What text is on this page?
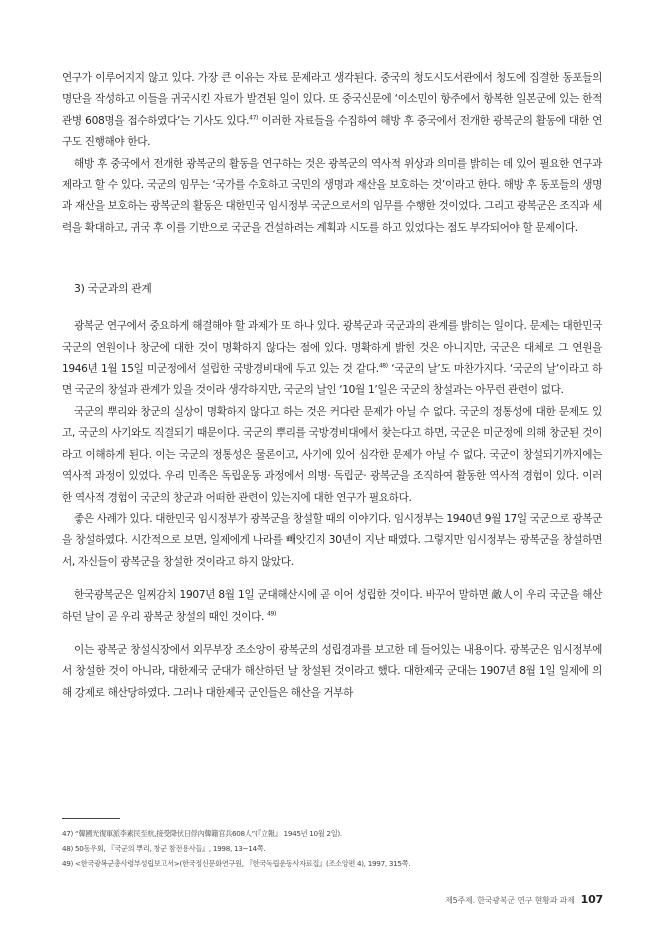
연구가 이루어지지 않고 있다. 가장 큰 이유는 자료 문제라고 생각된다. 중국의 청도시도서관에서 청도에 집결한 동포들의 명단을 작성하고 이들을 귀국시킨 자료가 발견된 일이 있다. 또 중국신문에 ‘이소민이 항주에서 항복한 일본군에 있는 한적관병 608명을 접수하였다’는 기사도 있다.$^{47)}$ 이러한 자료들을 수집하여 해방 후 중국에서 전개한 광복군의 활동에 대한 연구도 진행해야 한다.

해방 후 중국에서 전개한 광복군의 활동을 연구하는 것은 광복군의 역사적 위상과 의미를 밝히는 데 있어 필요한 연구과제라고 할 수 있다. 국군의 임무는 ‘국가를 수호하고 국민의 생명과 재산을 보호하는 것’이라고 한다. 해방 후 동포들의 생명과 재산을 보호하는 광복군의 활동은 대한민국 임시정부 국군으로서의 임무를 수행한 것이었다. 그리고 광복군은 조직과 세력을 확대하고, 귀국 후 이를 기반으로 국군을 건설하려는 계획과 시도를 하고 있었다는 점도 부각되어야 할 문제이다.

3) 국군과의 관계

광복군 연구에서 중요하게 해결해야 할 과제가 또 하나 있다. 광복군과 국군과의 관계를 밝히는 일이다. 문제는 대한민국 국군의 연원이나 창군에 대한 것이 명확하지 않다는 점에 있다. 명확하게 밝힌 것은 아니지만, 국군은 대체로 그 연원을 1946년 1월 15일 미군정에서 설립한 국방경비대에 두고 있는 것 같다.$^{48)}$ ‘국군의 날’도 마찬가지다. ‘국군의 날’이라고 하면 국군의 창설과 관계가 있을 것이라 생각하지만, 국군의 날인 ‘10월 1’일은 국군의 창설과는 아무런 관련이 없다.

국군의 뿌리와 창군의 실상이 명확하지 않다고 하는 것은 커다란 문제가 아닐 수 없다. 국군의 정통성에 대한 문제도 있고, 국군의 사기와도 직결되기 때문이다. 국군의 뿌리를 국방경비대에서 찾는다고 하면, 국군은 미군정에 의해 창군된 것이라고 이해하게 된다. 이는 국군의 정통성은 물론이고, 사기에 있어 심각한 문제가 아닐 수 없다. 국군이 창설되기까지에는 역사적 과정이 있었다. 우리 민족은 독립운동 과정에서 의병· 독립군· 광복군을 조직하여 활동한 역사적 경험이 있다. 이러한 역사적 경험이 국군의 창군과 어떠한 관련이 있는지에 대한 연구가 필요하다.

좋은 사례가 있다. 대한민국 임시정부가 광복군을 창설할 때의 이야기다. 임시정부는 1940년 9월 17일 국군으로 광복군을 창설하였다. 시간적으로 보면, 일제에게 나라를 빼앗긴지 30년이 지난 때였다. 그렇지만 임시정부는 광복군을 창설하면서, 자신들이 광복군을 창설한 것이라고 하지 않았다.

한국광복군은 일찌감치 1907년 8월 1일 군대해산시에 곧 이어 성립한 것이다. 바꾸어 말하면 敵人이 우리 국군을 해산하던 날이 곧 우리 광복군 창설의 때인 것이다. $^{49)}$

이는 광복군 창설식장에서 외무부장 조소앙이 광복군의 성립경과를 보고한 데 들어있는 내용이다. 광복군은 임시정부에서 창설한 것이 아니라, 대한제국 군대가 해산하던 날 창설된 것이라고 했다. 대한제국 군대는 1907년 8월 1일 일제에 의해 강제로 해산당하였다. 그러나 대한제국 군인들은 해산을 거부하

47) “韓國光復軍派李素民至杭,接受降伏日俘內韓籍官兵608人”(『立報』 1945년 10월 2일).

48) 50동우회, 『국군의 뿌리, 창군 참전용사들』, 1998, 13~14쪽.

49) <한국광복군총사령부성립보고서>(한국정신문화연구원, 『한국독립운동사자료집』(조소앙편 4), 1997, 315쪽.

제5주제. 한국광복군 연구 현황과 과제 107
